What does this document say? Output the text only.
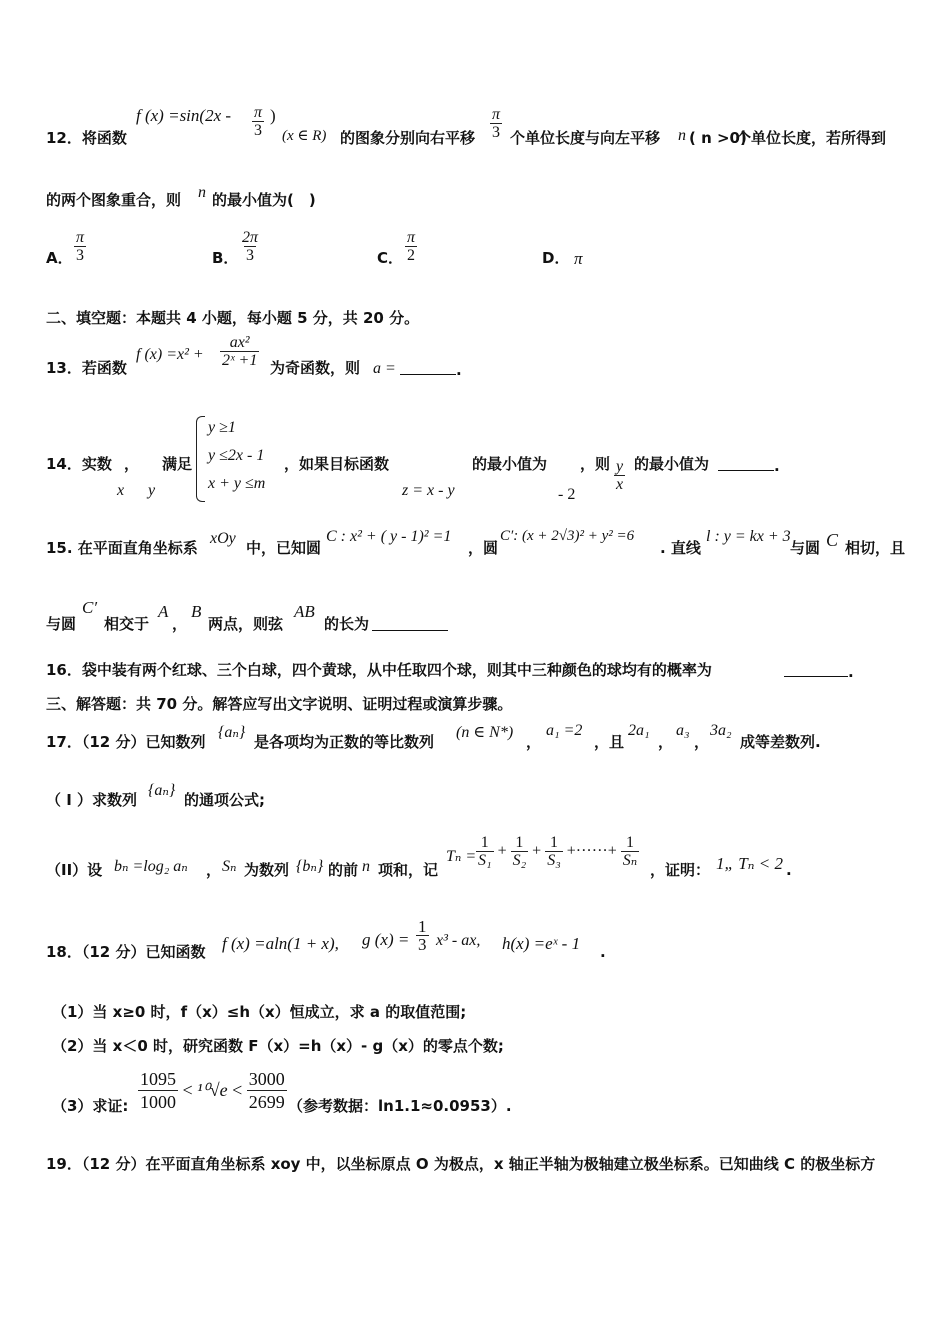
12．将函数
f $(x) =\sin(2x - \frac{\pi}{3}$ )
(x ∈ R) 的图象分别向右平移 $\frac{\pi}{3}$ 个单位长度与向左平移 n ( n >0)
个单位长度，若所得到
的两个图象重合，则 n 的最小值为(　)
A． $\frac{\pi}{3}$	B． $\frac{2\pi}{3}$	C． $\frac{\pi}{2}$	D． π
二、填空题：本题共 4 小题，每小题 5 分，共 20 分。
13．若函数
f $(x) =x^2 + \frac{\text{ax²}}{\text{2ˣ +1}}$ 为奇函数，则 a =	.
14．实数 ，
x y
满足
y ≥1
y ≤2x - 1
x + y ≤m
，如果目标函数
z = x - y
的最小值为
- 2
，则 $\frac{y}{x}$ 的最小值为	.
15. 在平面直角坐标系
xOy
中，已知圆
C : x² + ( y - 1)² =1
，圆
C′: (x + 2√3)² + y² =6
. 直线
l : y = kx + 3
与圆 C 相切，且
与圆
C′
相交于
A
，
B
两点，则弦
AB
的长为
16．袋中装有两个红球、三个白球，四个黄球，从中任取四个球，则其中三种颜色的球均有的概率为	.
三、解答题：共 70 分。解答应写出文字说明、证明过程或演算步骤。
17．（12 分）已知数列
{aₙ}
是各项均为正数的等比数列
(n ∈ N*)
，
a₁ =2
，且
2a₁
，
a₃
，
3a₂
成等差数列.
（ I ）求数列
{aₙ}
的通项公式;
（II）设 bₙ =log₂ aₙ ， Sₙ 为数列 {bₙ} 的前 n 项和，记
$T_n = \frac{1}{\text{S₁}} + \frac{1}{\text{S₂}} + \frac{1}{\text{S₃}}$ +······+ $\frac{1}{\text{Sₙ}}$
，证明： 1„ Tₙ < 2 .
18．（12 分）已知函数 f (x) =aln(1 + x), g $(x) = \frac{1}{3} x^3$ - ax, h(x) =eˣ - 1 .
（1）当 x≥0 时，f（x）≤h（x）恒成立，求 a 的取值范围;
（2）当 x＜0 时，研究函数 F（x）=h（x）- g（x）的零点个数;
（3）求证: $\frac{1095}{1000} < ^{10}√e < \frac{3000}{2699}$ （参考数据：ln1.1≈0.0953）.
19．（12 分）在平面直角坐标系 xoy 中，以坐标原点 O 为极点，x 轴正半轴为极轴建立极坐标系。已知曲线 C 的极坐标方
